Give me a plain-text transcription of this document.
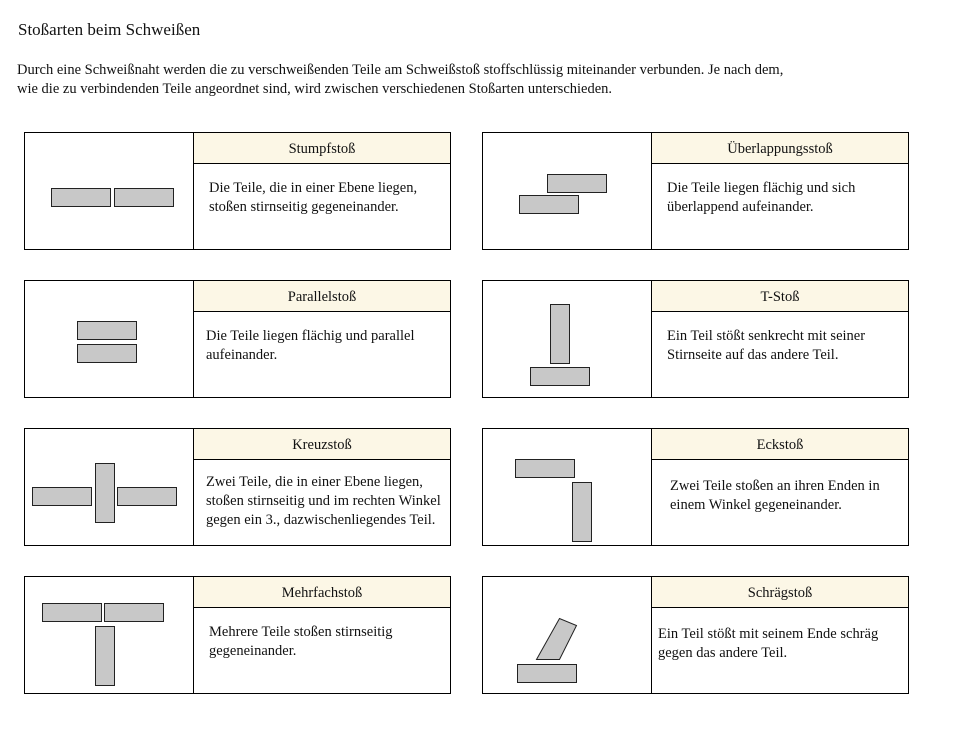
Stoßarten beim Schweißen
Durch eine Schweißnaht werden die zu verschweißenden Teile am Schweißstoß stoffschlüssig miteinander verbunden. Je nach dem, wie die zu verbindenden Teile angeordnet sind, wird zwischen verschiedenen Stoßarten unterschieden.
Stumpfstoß
Die Teile, die in einer Ebene liegen, stoßen stirnseitig gegeneinander.
Überlappungsstoß
Die Teile liegen flächig und sich überlappend aufeinander.
Parallelstoß
Die Teile liegen flächig und parallel aufeinander.
T-Stoß
Ein Teil stößt senkrecht mit seiner Stirnseite auf das andere Teil.
Kreuzstoß
Zwei Teile, die in einer Ebene liegen, stoßen stirnseitig und im rechten Winkel gegen ein 3., dazwischenliegendes Teil.
Eckstoß
Zwei Teile stoßen an ihren Enden in einem Winkel gegeneinander.
Mehrfachstoß
Mehrere Teile stoßen stirnseitig gegeneinander.
Schrägstoß
Ein Teil stößt mit seinem Ende schräg gegen das andere Teil.
